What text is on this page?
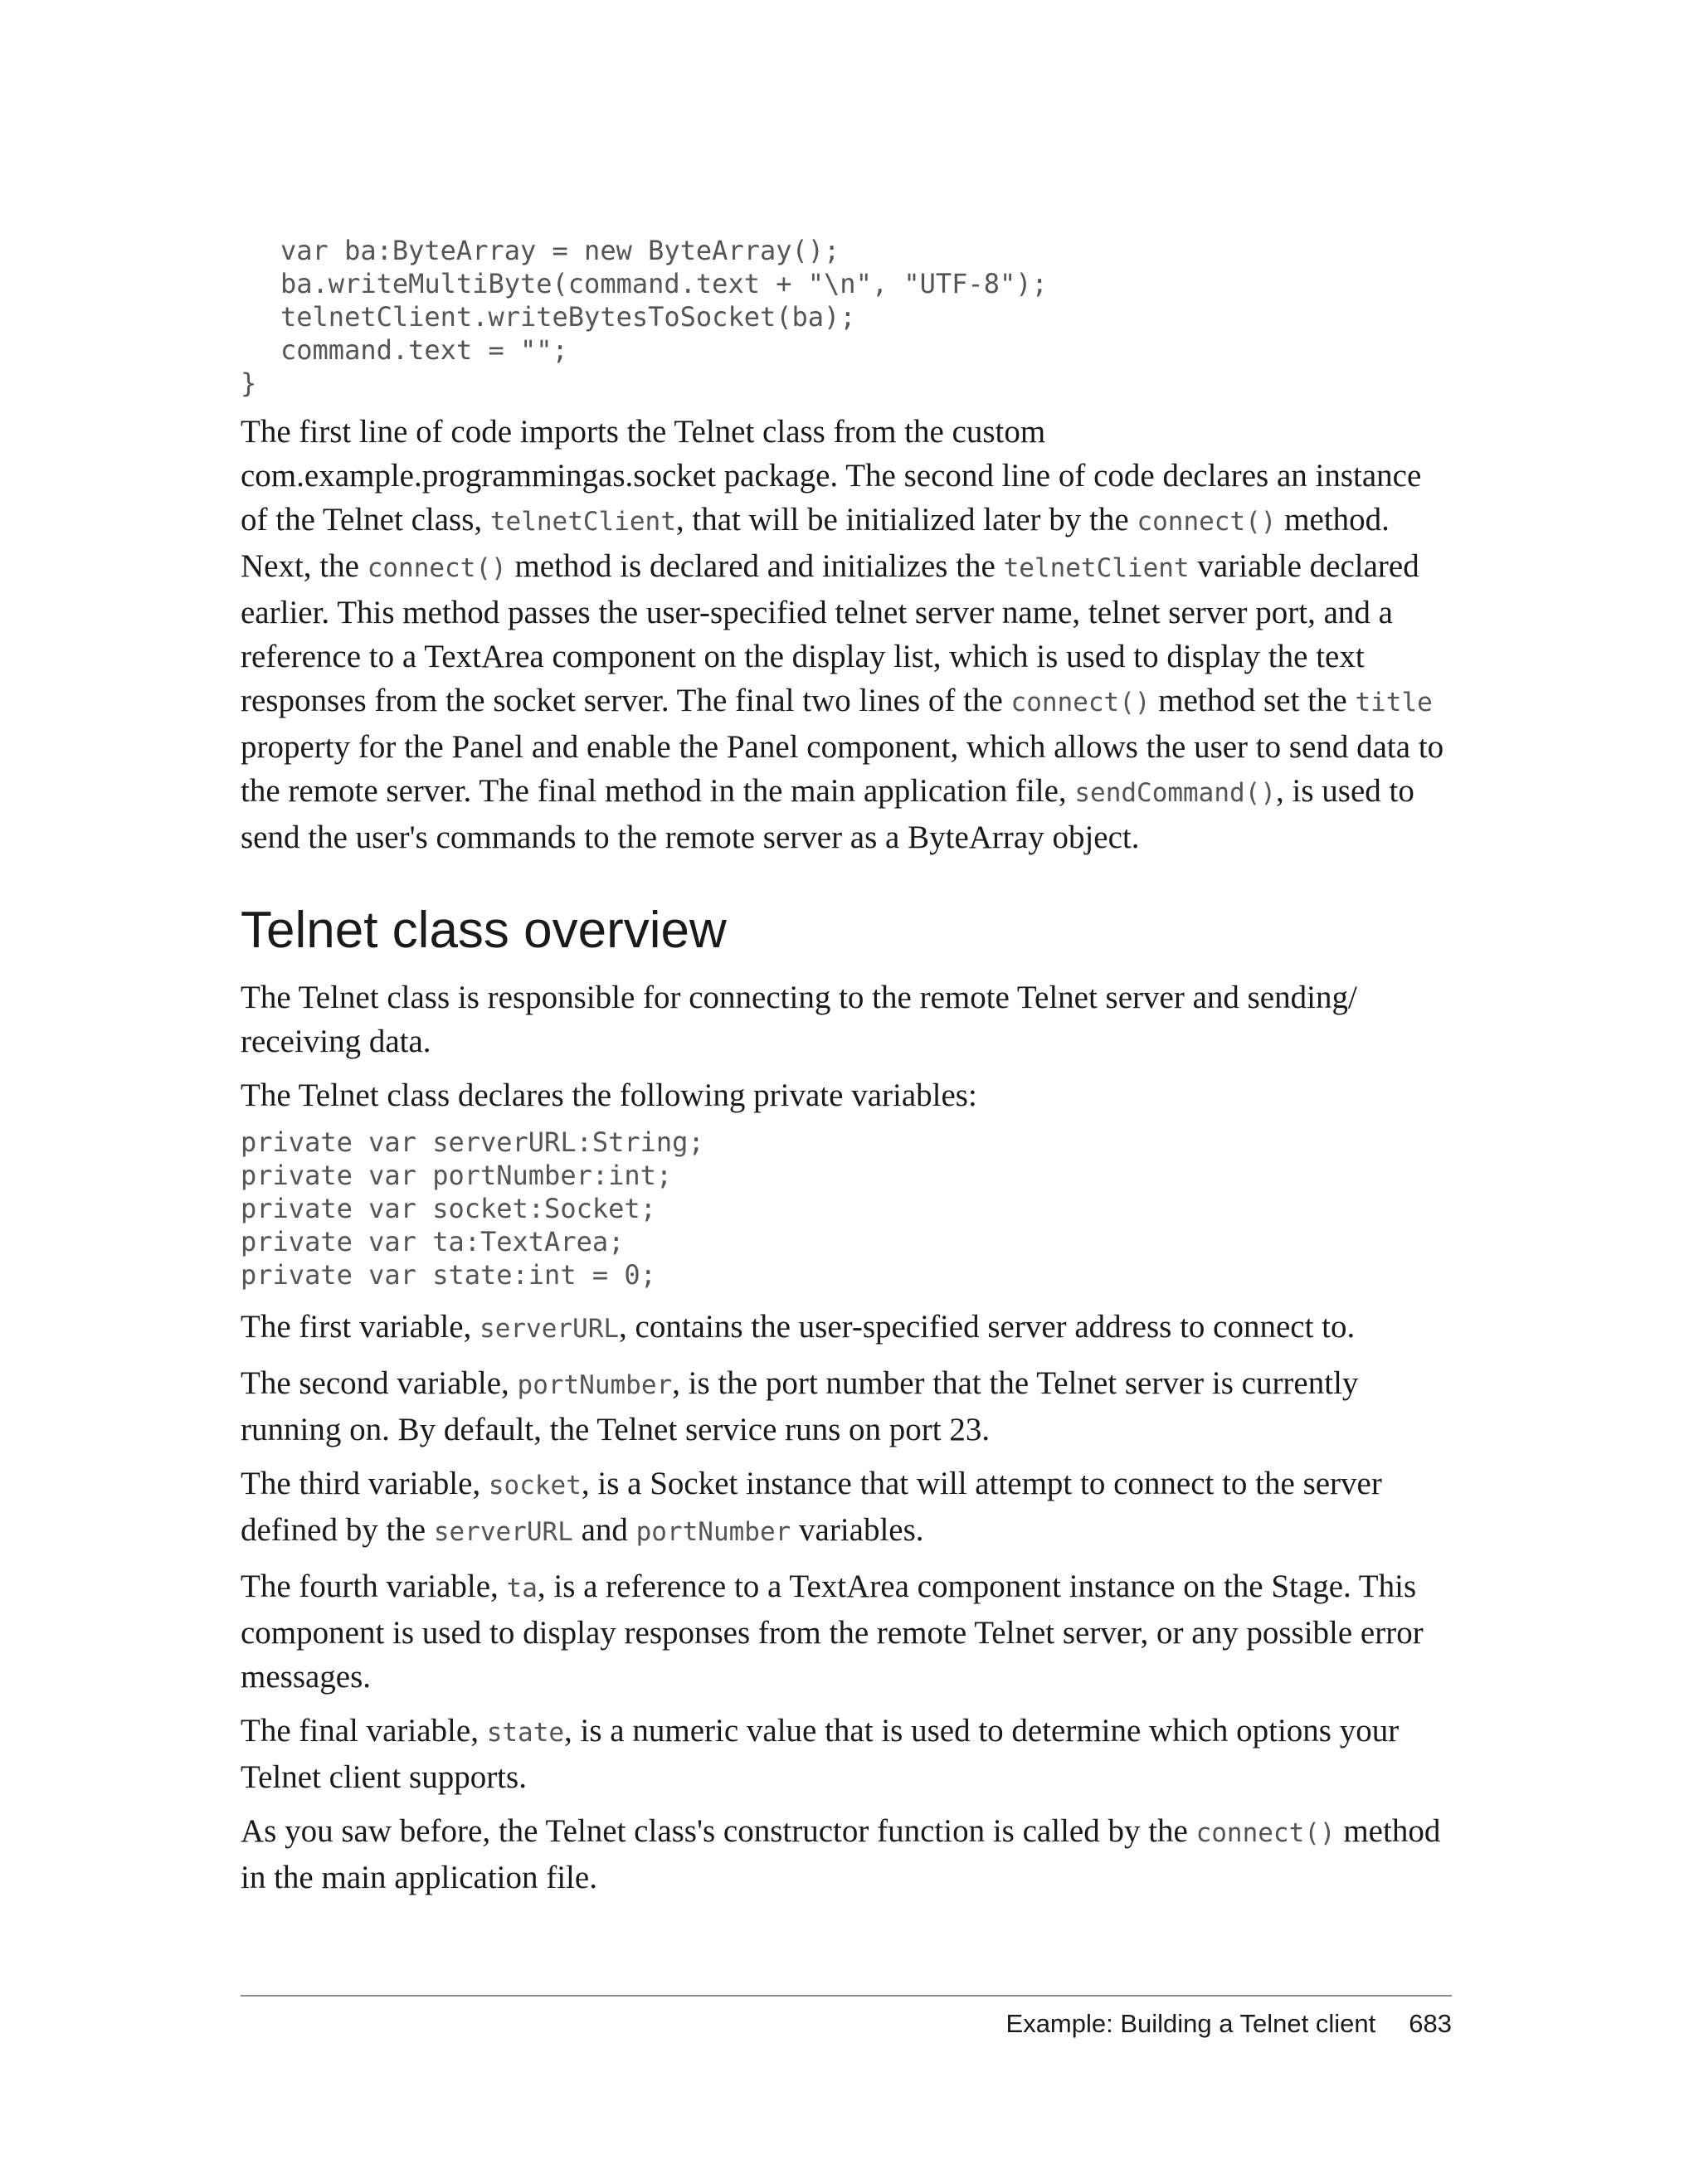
var ba:ByteArray = new ByteArray();
ba.writeMultiByte(command.text + "\n", "UTF-8");
telnetClient.writeBytesToSocket(ba);
command.text = "";
}

The first line of code imports the Telnet class from the custom com.example.programmingas.socket package. The second line of code declares an instance of the Telnet class, telnetClient, that will be initialized later by the connect() method. Next, the connect() method is declared and initializes the telnetClient variable declared earlier. This method passes the user-specified telnet server name, telnet server port, and a reference to a TextArea component on the display list, which is used to display the text responses from the socket server. The final two lines of the connect() method set the title property for the Panel and enable the Panel component, which allows the user to send data to the remote server. The final method in the main application file, sendCommand(), is used to send the user's commands to the remote server as a ByteArray object.

Telnet class overview

The Telnet class is responsible for connecting to the remote Telnet server and sending/ receiving data.

The Telnet class declares the following private variables:

private var serverURL:String;
private var portNumber:int;
private var socket:Socket;
private var ta:TextArea;
private var state:int = 0;

The first variable, serverURL, contains the user-specified server address to connect to.

The second variable, portNumber, is the port number that the Telnet server is currently running on. By default, the Telnet service runs on port 23.

The third variable, socket, is a Socket instance that will attempt to connect to the server defined by the serverURL and portNumber variables.

The fourth variable, ta, is a reference to a TextArea component instance on the Stage. This component is used to display responses from the remote Telnet server, or any possible error messages.

The final variable, state, is a numeric value that is used to determine which options your Telnet client supports.

As you saw before, the Telnet class's constructor function is called by the connect() method in the main application file.

Example: Building a Telnet client 683
